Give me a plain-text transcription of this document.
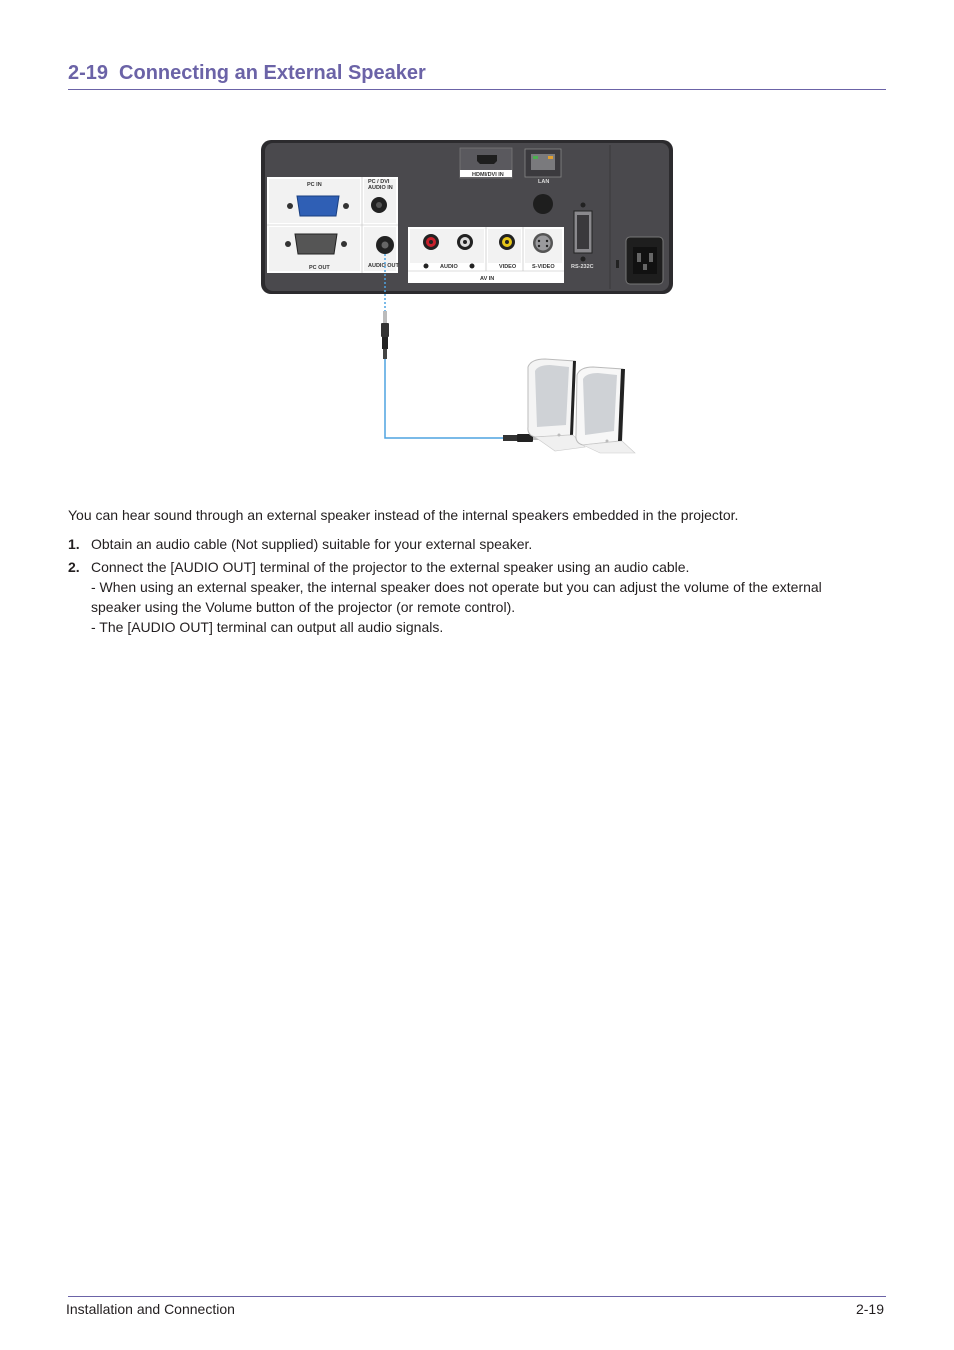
2-19 Connecting an External Speaker
PC IN	PC / DVI
AUDIO IN
PC OUT	AUDIO OUT
HDMI/DVI IN
LAN
AUDIO	VIDEO	S-VIDEO
AV IN
RS-232C

You can hear sound through an external speaker instead of the internal speakers embedded in the projector.

1. Obtain an audio cable (Not supplied) suitable for your external speaker.

2. Connect the [AUDIO OUT] terminal of the projector to the external speaker using an audio cable.

- When using an external speaker, the internal speaker does not operate but you can adjust the volume of the external speaker using the Volume button of the projector (or remote control).

- The [AUDIO OUT] terminal can output all audio signals.

Installation and Connection	2-19
